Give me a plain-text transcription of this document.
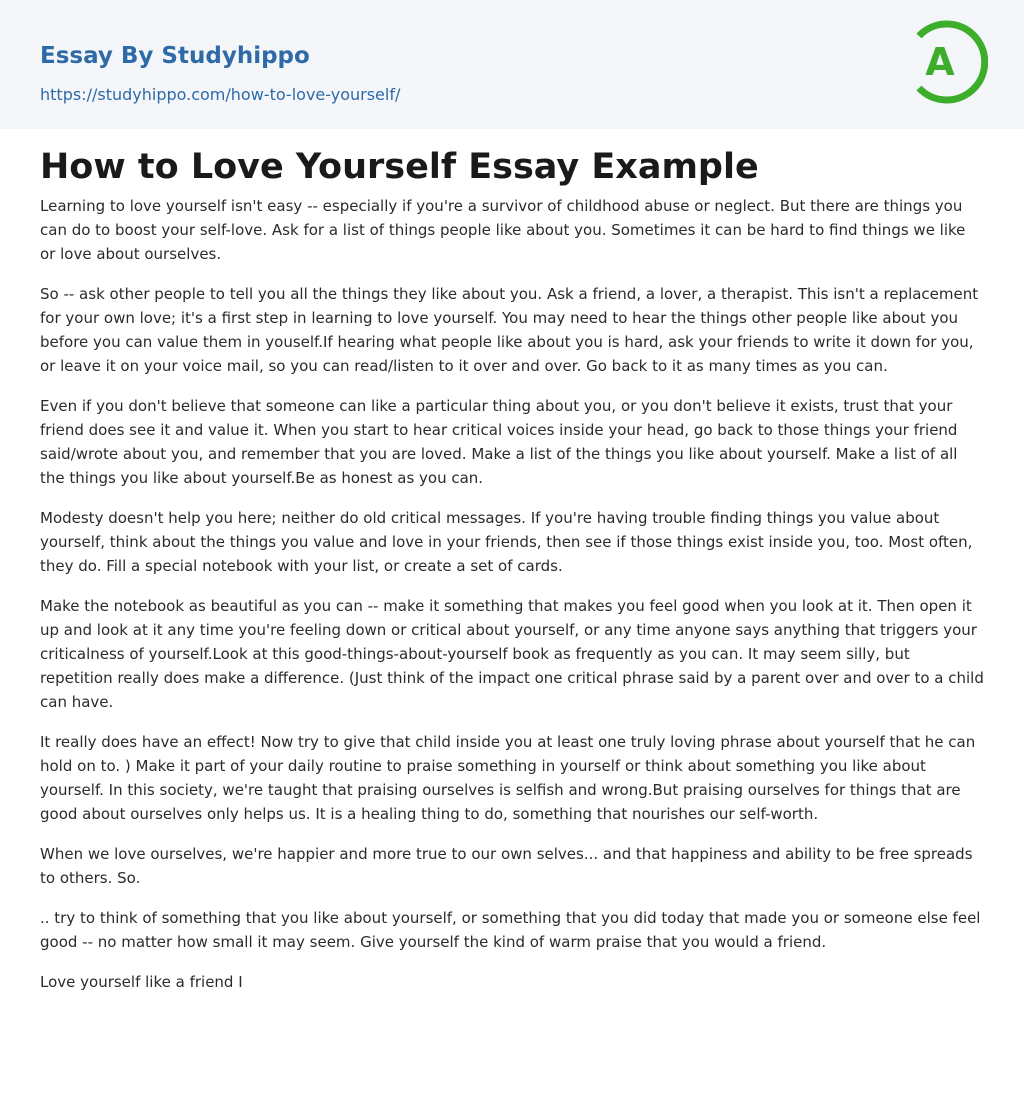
Essay By Studyhippo
https://studyhippo.com/how-to-love-yourself/
A
How to Love Yourself Essay Example

Learning to love yourself isn't easy -- especially if you're a survivor of childhood abuse or neglect. But there are things you can do to boost your self-love. Ask for a list of things people like about you. Sometimes it can be hard to find things we like or love about ourselves.

So -- ask other people to tell you all the things they like about you. Ask a friend, a lover, a therapist. This isn't a replacement for your own love; it's a first step in learning to love yourself. You may need to hear the things other people like about you before you can value them in youself.If hearing what people like about you is hard, ask your friends to write it down for you, or leave it on your voice mail, so you can read/listen to it over and over. Go back to it as many times as you can.

Even if you don't believe that someone can like a particular thing about you, or you don't believe it exists, trust that your friend does see it and value it. When you start to hear critical voices inside your head, go back to those things your friend said/wrote about you, and remember that you are loved. Make a list of the things you like about yourself. Make a list of all the things you like about yourself.Be as honest as you can.

Modesty doesn't help you here; neither do old critical messages. If you're having trouble finding things you value about yourself, think about the things you value and love in your friends, then see if those things exist inside you, too. Most often, they do. Fill a special notebook with your list, or create a set of cards.

Make the notebook as beautiful as you can -- make it something that makes you feel good when you look at it. Then open it up and look at it any time you're feeling down or critical about yourself, or any time anyone says anything that triggers your criticalness of yourself.Look at this good-things-about-yourself book as frequently as you can. It may seem silly, but repetition really does make a difference. (Just think of the impact one critical phrase said by a parent over and over to a child can have.

It really does have an effect! Now try to give that child inside you at least one truly loving phrase about yourself that he can hold on to. ) Make it part of your daily routine to praise something in yourself or think about something you like about yourself. In this society, we're taught that praising ourselves is selfish and wrong.But praising ourselves for things that are good about ourselves only helps us. It is a healing thing to do, something that nourishes our self-worth.

When we love ourselves, we're happier and more true to our own selves... and that happiness and ability to be free spreads to others. So.

.. try to think of something that you like about yourself, or something that you did today that made you or someone else feel good -- no matter how small it may seem. Give yourself the kind of warm praise that you would a friend.

Love yourself like a friend I
